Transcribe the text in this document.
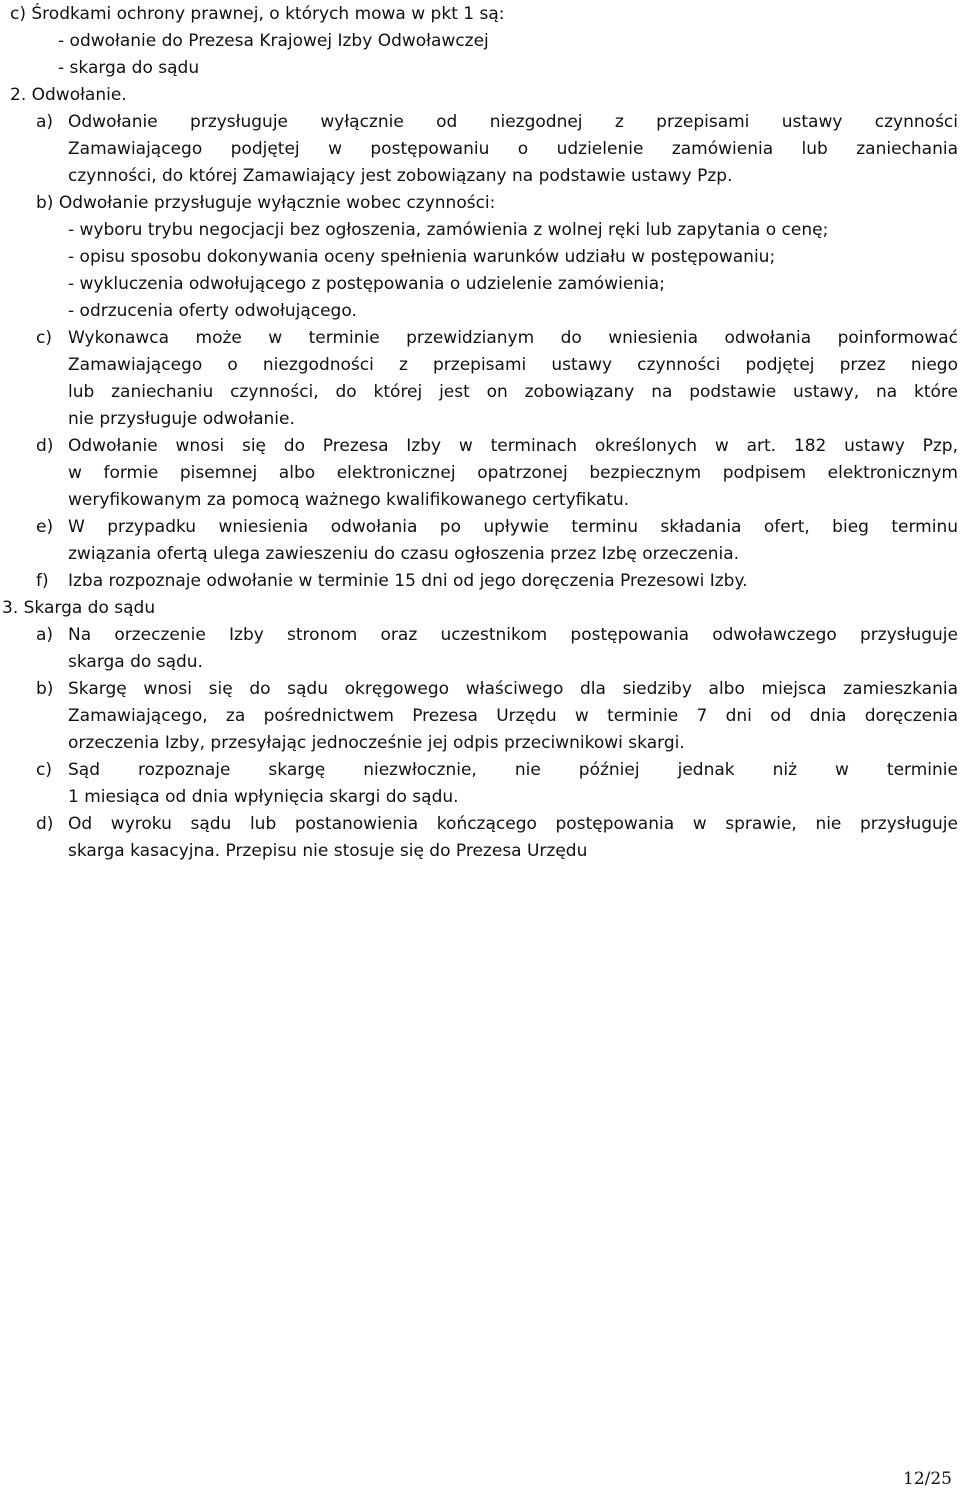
c) Środkami ochrony prawnej, o których mowa w pkt 1 są:
- odwołanie do Prezesa Krajowej Izby Odwoławczej
- skarga do sądu
2. Odwołanie.
a) Odwołanie przysługuje wyłącznie od niezgodnej z przepisami ustawy czynności
Zamawiającego podjętej w postępowaniu o udzielenie zamówienia lub zaniechania
czynności, do której Zamawiający jest zobowiązany na podstawie ustawy Pzp.
b) Odwołanie przysługuje wyłącznie wobec czynności:
- wyboru trybu negocjacji bez ogłoszenia, zamówienia z wolnej ręki lub zapytania o cenę;
- opisu sposobu dokonywania oceny spełnienia warunków udziału w postępowaniu;
- wykluczenia odwołującego z postępowania o udzielenie zamówienia;
- odrzucenia oferty odwołującego.
c) Wykonawca może w terminie przewidzianym do wniesienia odwołania poinformować
Zamawiającego o niezgodności z przepisami ustawy czynności podjętej przez niego
lub zaniechaniu czynności, do której jest on zobowiązany na podstawie ustawy, na które
nie przysługuje odwołanie.
d) Odwołanie wnosi się do Prezesa Izby w terminach określonych w art. 182 ustawy Pzp,
w formie pisemnej albo elektronicznej opatrzonej bezpiecznym podpisem elektronicznym
weryfikowanym za pomocą ważnego kwalifikowanego certyfikatu.
e) W przypadku wniesienia odwołania po upływie terminu składania ofert, bieg terminu
związania ofertą ulega zawieszeniu do czasu ogłoszenia przez Izbę orzeczenia.
f) Izba rozpoznaje odwołanie w terminie 15 dni od jego doręczenia Prezesowi Izby.
3. Skarga do sądu
a) Na orzeczenie Izby stronom oraz uczestnikom postępowania odwoławczego przysługuje
skarga do sądu.
b) Skargę wnosi się do sądu okręgowego właściwego dla siedziby albo miejsca zamieszkania
Zamawiającego, za pośrednictwem Prezesa Urzędu w terminie 7 dni od dnia doręczenia
orzeczenia Izby, przesyłając jednocześnie jej odpis przeciwnikowi skargi.
c) Sąd rozpoznaje skargę niezwłocznie, nie później jednak niż w terminie
1 miesiąca od dnia wpłynięcia skargi do sądu.
d) Od wyroku sądu lub postanowienia kończącego postępowania w sprawie, nie przysługuje
skarga kasacyjna. Przepisu nie stosuje się do Prezesa Urzędu
12/25
